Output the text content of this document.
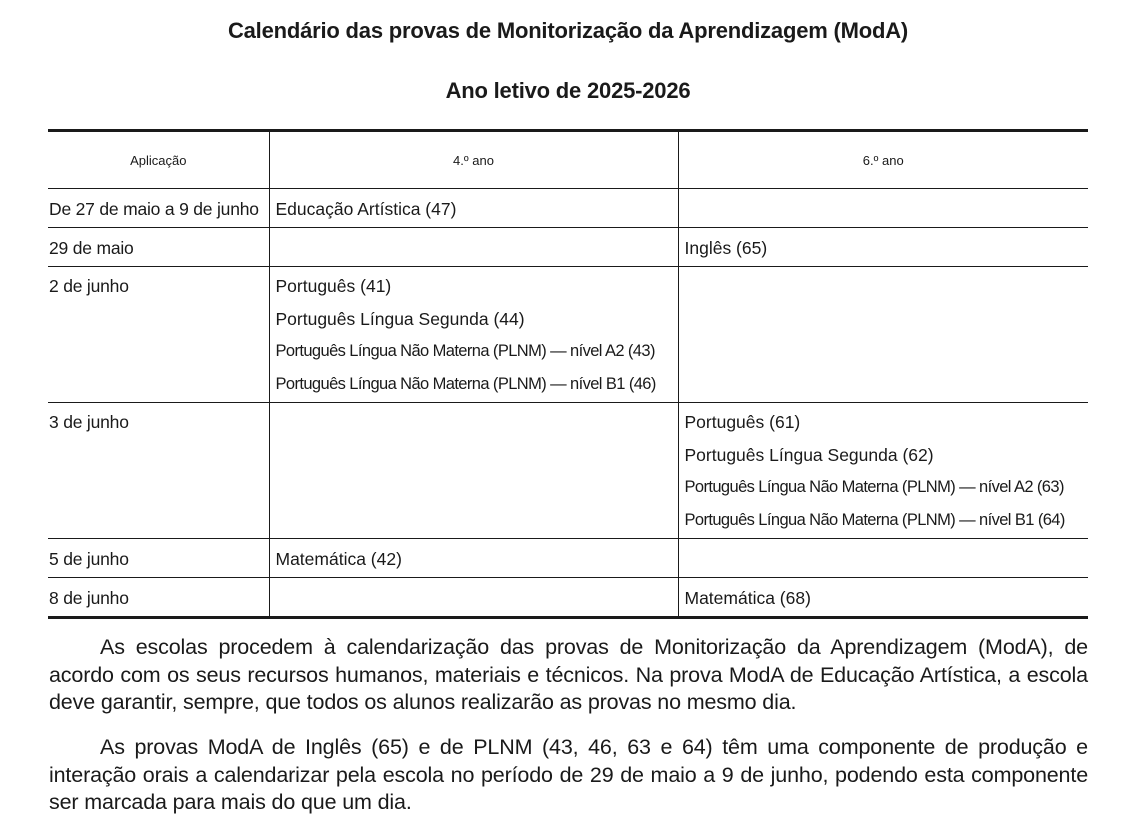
Calendário das provas de Monitorização da Aprendizagem (ModA)
Ano letivo de 2025-2026
Aplicação	4.º ano	6.º ano

De 27 de maio a 9 de junho	Educação Artística (47)	

29 de maio		Inglês (65)

2 de junho	Português (41)
Português Língua Segunda (44)
Português Língua Não Materna (PLNM) — nível A2 (43)
Português Língua Não Materna (PLNM) — nível B1 (46)	

3 de junho		Português (61)
Português Língua Segunda (62)
Português Língua Não Materna (PLNM) — nível A2 (63)
Português Língua Não Materna (PLNM) — nível B1 (64)

5 de junho	Matemática (42)	

8 de junho		Matemática (68)

As escolas procedem à calendarização das provas de Monitorização da Aprendizagem (ModA), de acordo com os seus recursos humanos, materiais e técnicos. Na prova ModA de Educação Artística, a escola deve garantir, sempre, que todos os alunos realizarão as provas no mesmo dia.

As provas ModA de Inglês (65) e de PLNM (43, 46, 63 e 64) têm uma componente de produção e interação orais a calendarizar pela escola no período de 29 de maio a 9 de junho, podendo esta componente ser marcada para mais do que um dia.
